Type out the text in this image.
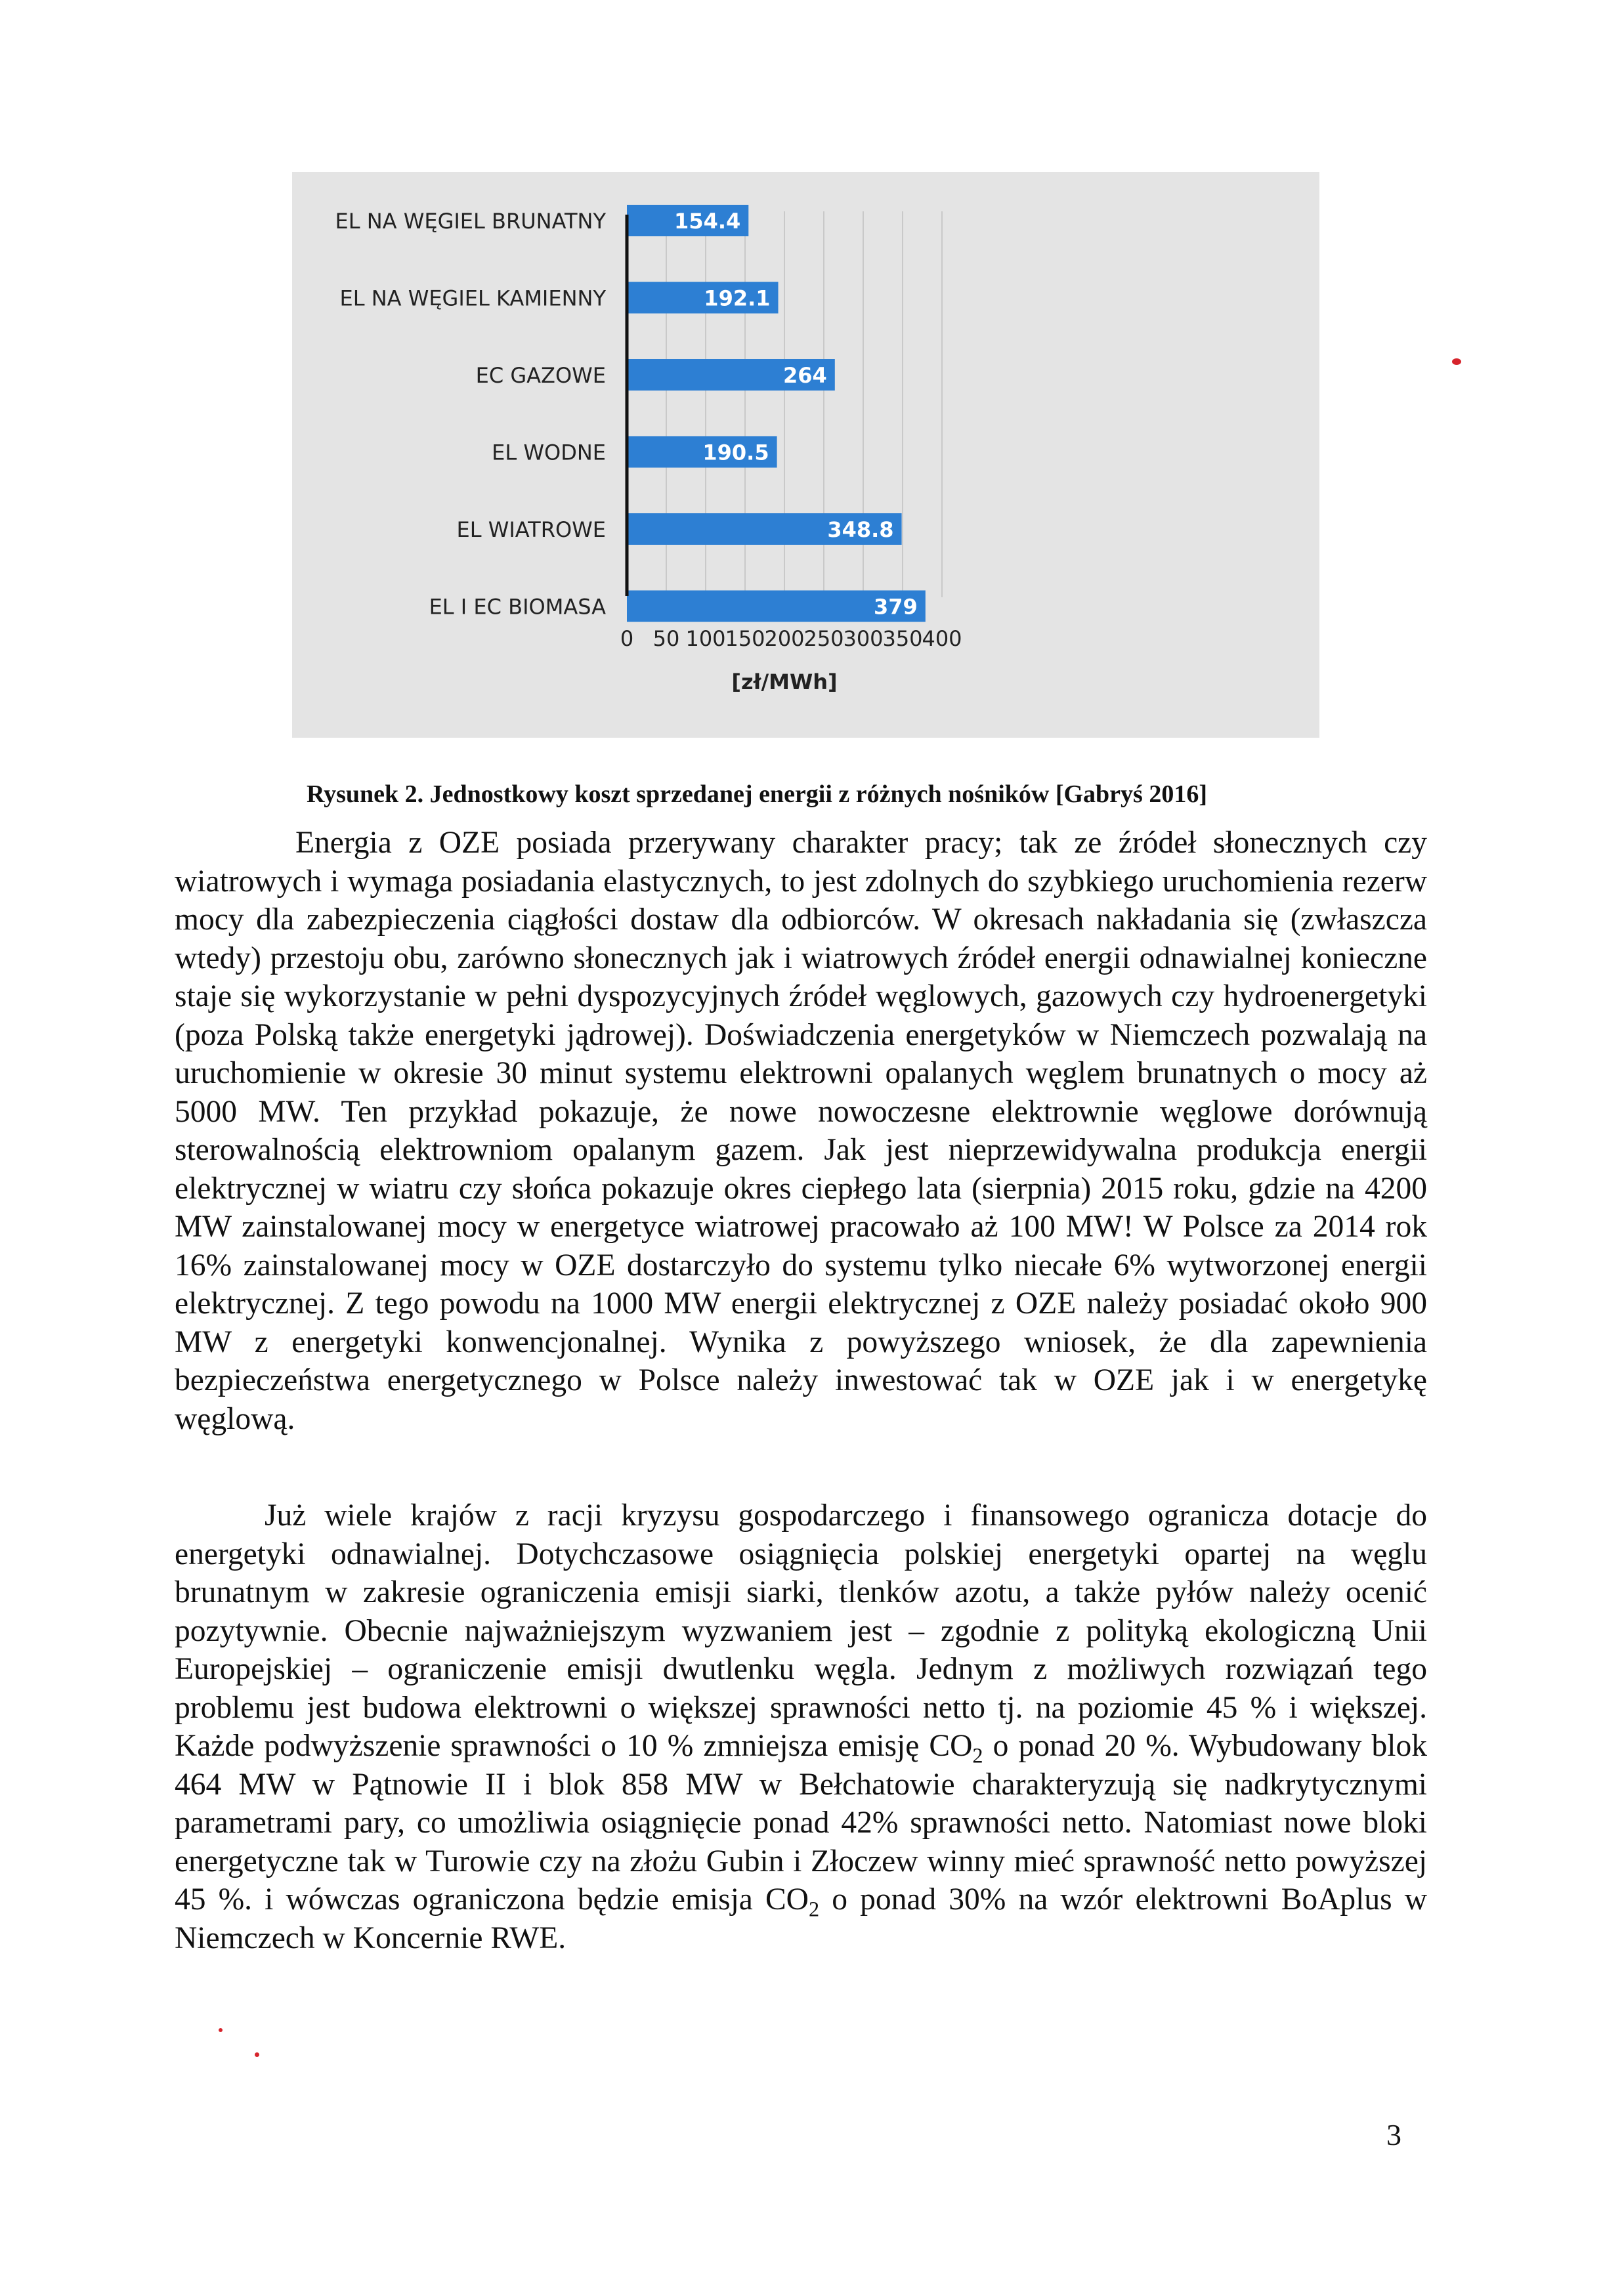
154.4
EL NA WĘGIEL BRUNATNY
192.1
EL NA WĘGIEL KAMIENNY
264
EC GAZOWE
190.5
EL WODNE
348.8
EL WIATROWE
379
EL I EC BIOMASA
0 50 100
150
200
250
300
350
400
[zł/MWh]
Rysunek 2. Jednostkowy koszt sprzedanej energii z różnych nośników [Gabryś 2016]

Energia z OZE posiada przerywany charakter pracy; tak ze źródeł słonecznych czy wiatrowych i wymaga posiadania elastycznych, to jest zdolnych do szybkiego uruchomienia rezerw mocy dla zabezpieczenia ciągłości dostaw dla odbiorców. W okresach nakładania się (zwłaszcza wtedy) przestoju obu, zarówno słonecznych jak i wiatrowych źródeł energii odnawialnej konieczne staje się wykorzystanie w pełni dyspozycyjnych źródeł węglowych, gazowych czy hydroenergetyki (poza Polską także energetyki jądrowej). Doświadczenia energetyków w Niemczech pozwalają na uruchomienie w okresie 30 minut systemu elektrowni opalanych węglem brunatnych o mocy aż 5000 MW. Ten przykład pokazuje, że nowe nowoczesne elektrownie węglowe dorównują sterowalnością elektrowniom opalanym gazem. Jak jest nieprzewidywalna produkcja energii elektrycznej w wiatru czy słońca pokazuje okres ciepłego lata (sierpnia) 2015 roku, gdzie na 4200 MW zainstalowanej mocy w energetyce wiatrowej pracowało aż 100 MW! W Polsce za 2014 rok 16% zainstalowanej mocy w OZE dostarczyło do systemu tylko niecałe 6% wytworzonej energii elektrycznej. Z tego powodu na 1000 MW energii elektrycznej z OZE należy posiadać około 900 MW z energetyki konwencjonalnej. Wynika z powyższego wniosek, że dla zapewnienia bezpieczeństwa energetycznego w Polsce należy inwestować tak w OZE jak i w energetykę węglową.

Już wiele krajów z racji kryzysu gospodarczego i finansowego ogranicza dotacje do energetyki odnawialnej. Dotychczasowe osiągnięcia polskiej energetyki opartej na węglu brunatnym w zakresie ograniczenia emisji siarki, tlenków azotu, a także pyłów należy ocenić pozytywnie. Obecnie najważniejszym wyzwaniem jest – zgodnie z polityką ekologiczną Unii Europejskiej – ograniczenie emisji dwutlenku węgla. Jednym z możliwych rozwiązań tego problemu jest budowa elektrowni o większej sprawności netto tj. na poziomie 45 % i większej. Każde podwyższenie sprawności o 10 % zmniejsza emisję $CO_2$ o ponad 20 %. Wybudowany blok 464 MW w Pątnowie II i blok 858 MW w Bełchatowie charakteryzują się nadkrytycznymi parametrami pary, co umożliwia osiągnięcie ponad 42% sprawności netto. Natomiast nowe bloki energetyczne tak w Turowie czy na złożu Gubin i Złoczew winny mieć sprawność netto powyższej 45 %. i wówczas ograniczona będzie emisja $CO_2$ o ponad 30% na wzór elektrowni BoAplus w Niemczech w Koncernie RWE.

3
